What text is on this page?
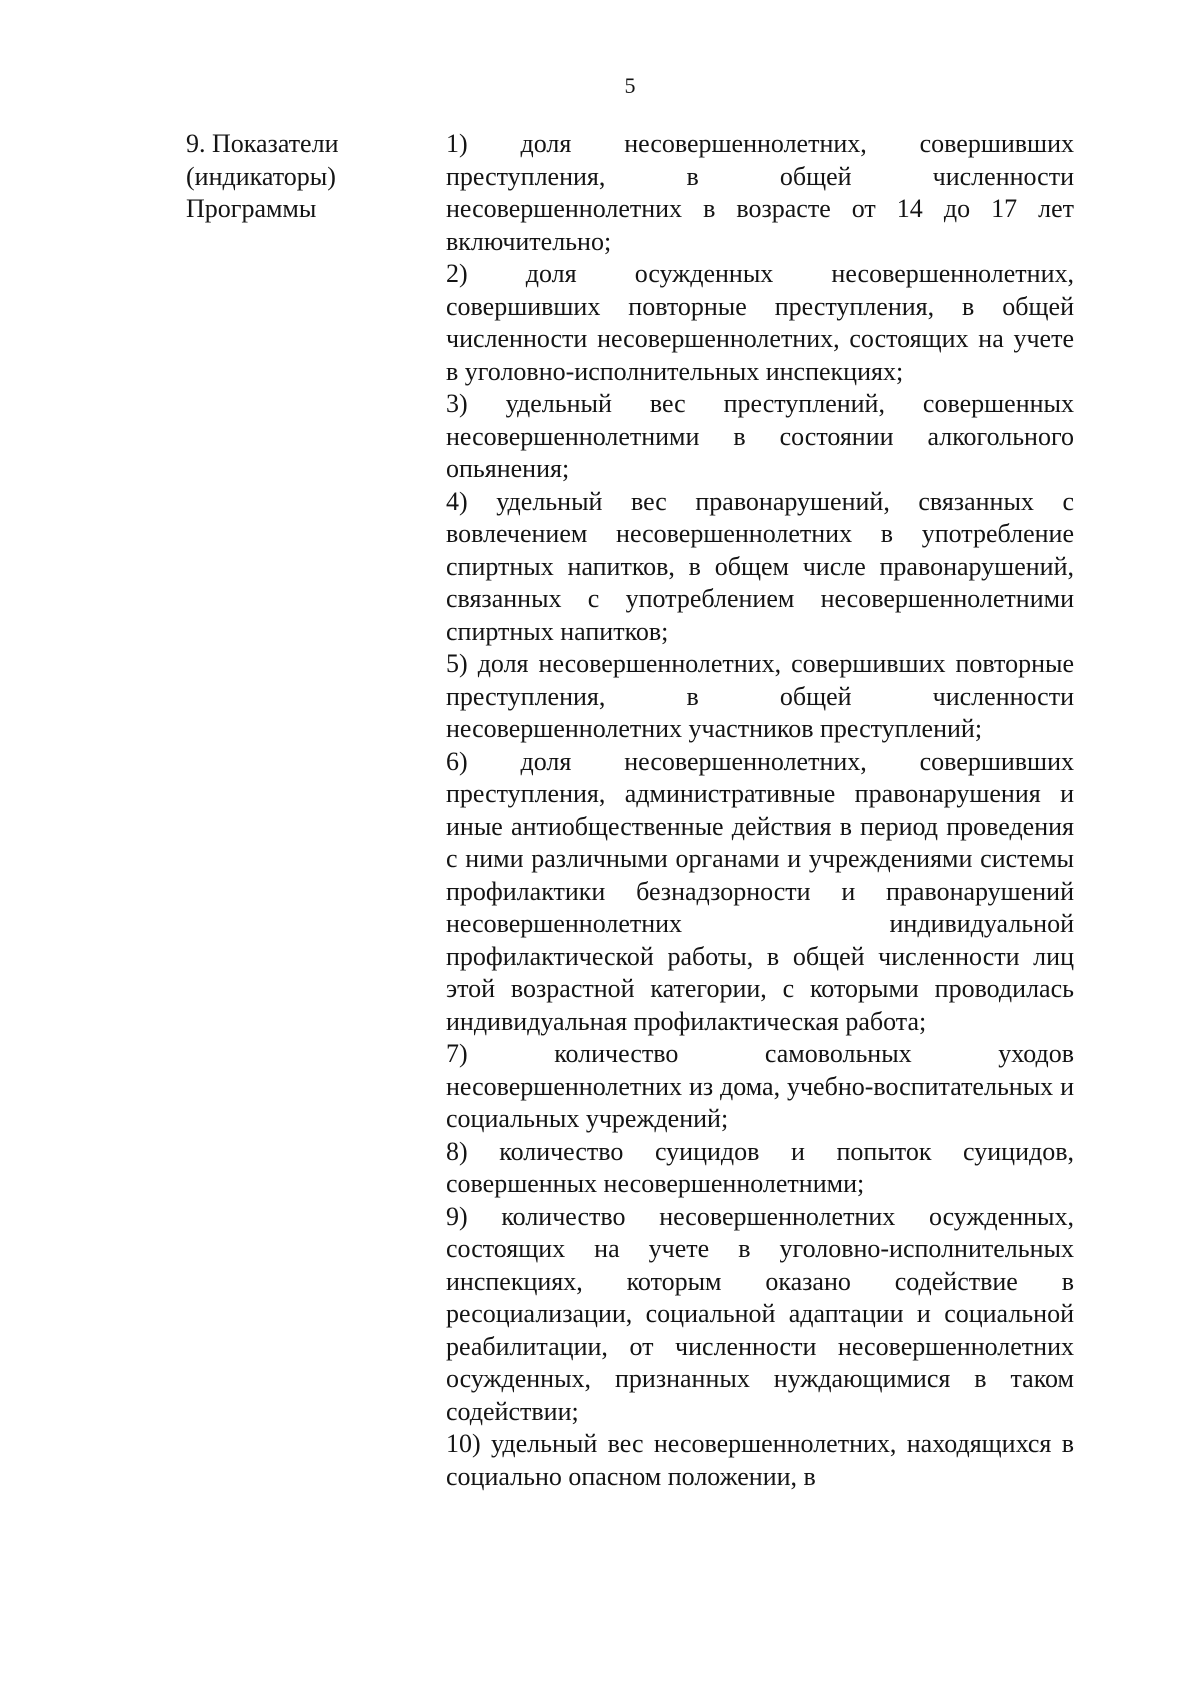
5
9. Показатели
(индикаторы)
Программы

1) доля несовершеннолетних, совершивших преступления, в общей численности несовершеннолетних в возрасте от 14 до 17 лет включительно;

2) доля осужденных несовершеннолетних, совершивших повторные преступления, в общей численности несовершеннолетних, состоящих на учете в уголовно-исполнительных инспекциях;

3) удельный вес преступлений, совершенных несовершеннолетними в состоянии алкогольного опьянения;

4) удельный вес правонарушений, связанных с вовлечением несовершеннолетних в употребление спиртных напитков, в общем числе правонарушений, связанных с употреблением несовершеннолетними спиртных напитков;

5) доля несовершеннолетних, совершивших повторные преступления, в общей численности несовершеннолетних участников преступлений;

6) доля несовершеннолетних, совершивших преступления, административные правонарушения и иные антиобщественные действия в период проведения с ними различными органами и учреждениями системы профилактики безнадзорности и правонарушений несовершеннолетних индивидуальной профилактической работы, в общей численности лиц этой возрастной категории, с которыми проводилась индивидуальная профилактическая работа;

7) количество самовольных уходов несовершеннолетних из дома, учебно-воспитательных и социальных учреждений;

8) количество суицидов и попыток суицидов, совершенных несовершеннолетними;

9) количество несовершеннолетних осужденных, состоящих на учете в уголовно-исполнительных инспекциях, которым оказано содействие в ресоциализации, социальной адаптации и социальной реабилитации, от численности несовершеннолетних осужденных, признанных нуждающимися в таком содействии;

10) удельный вес несовершеннолетних, находящихся в социально опасном положении, в
